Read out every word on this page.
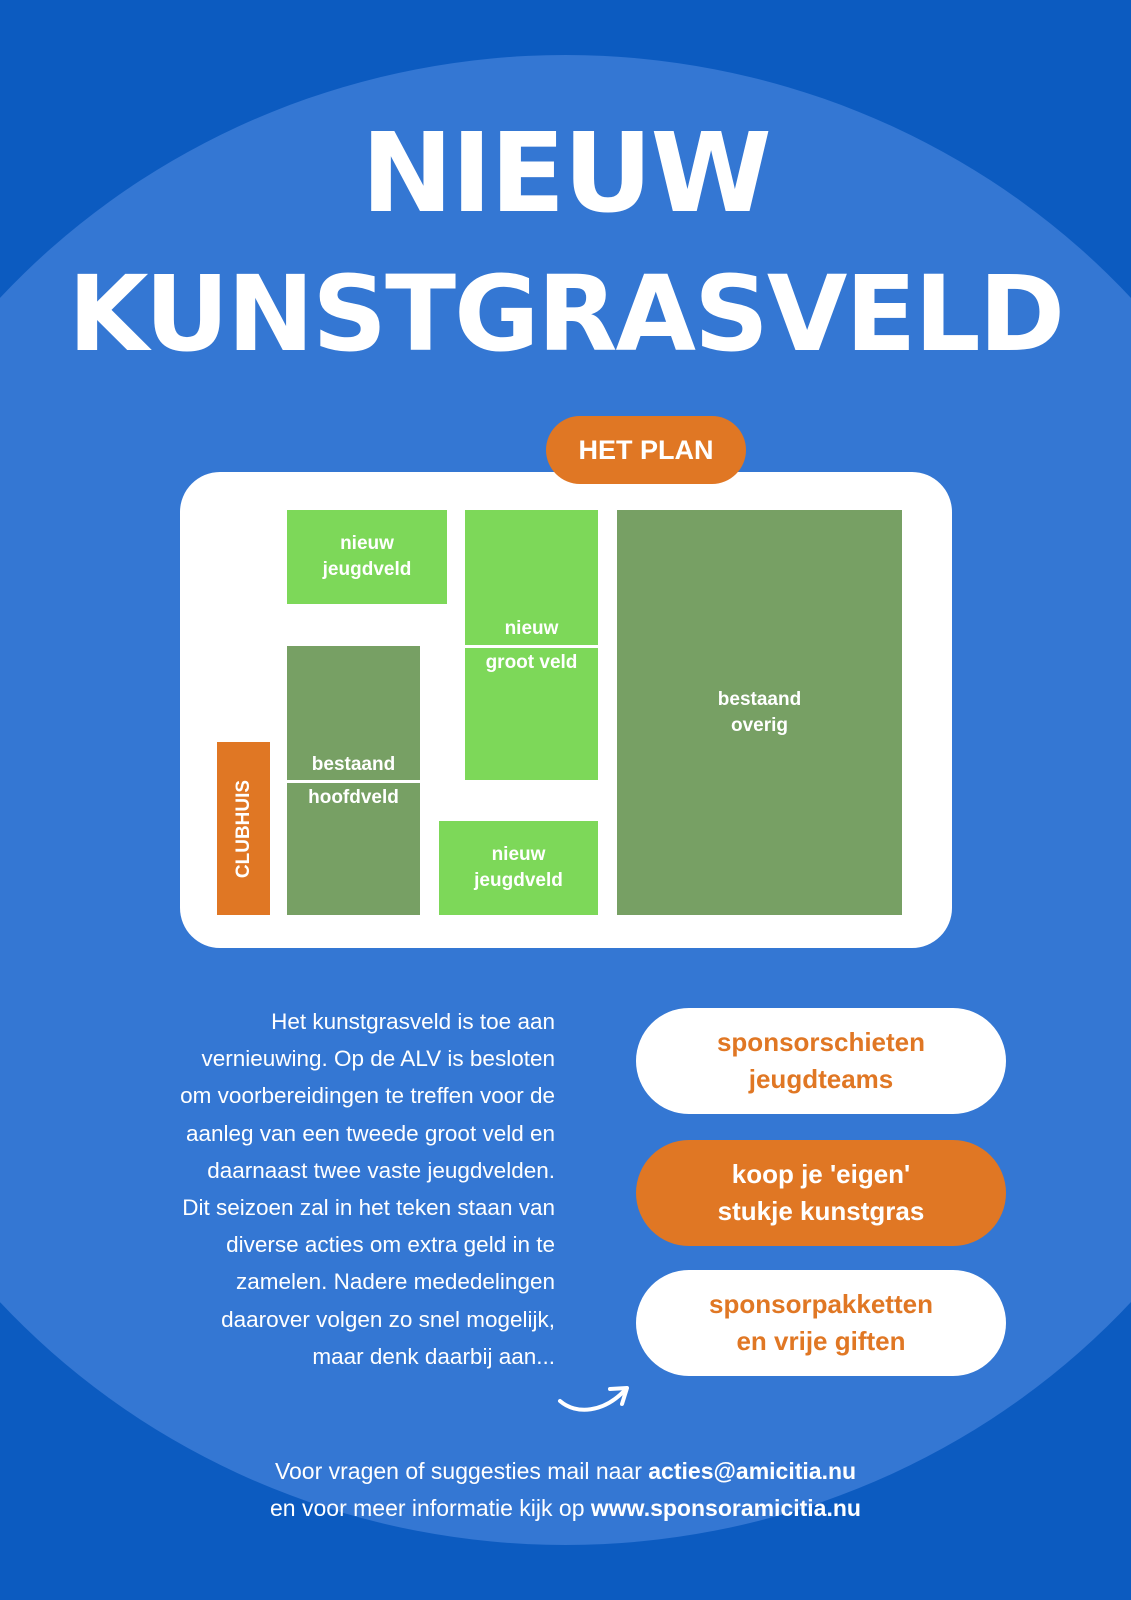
NIEUW
KUNSTGRASVELD
nieuw
jeugdveld
nieuw
groot veld
bestaand
overig
bestaand
hoofdveld
nieuw
jeugdveld
CLUBHUIS
HET PLAN
Het kunstgrasveld is toe aan
vernieuwing. Op de ALV is besloten
om voorbereidingen te treffen voor de
aanleg van een tweede groot veld en
daarnaast twee vaste jeugdvelden.
Dit seizoen zal in het teken staan van
diverse acties om extra geld in te
zamelen. Nadere mededelingen
daarover volgen zo snel mogelijk,
maar denk daarbij aan...
sponsorschieten
jeugdteams
koop je 'eigen'
stukje kunstgras
sponsorpakketten
en vrije giften
Voor vragen of suggesties mail naar acties@amicitia.nu
en voor meer informatie kijk op www.sponsoramicitia.nu
